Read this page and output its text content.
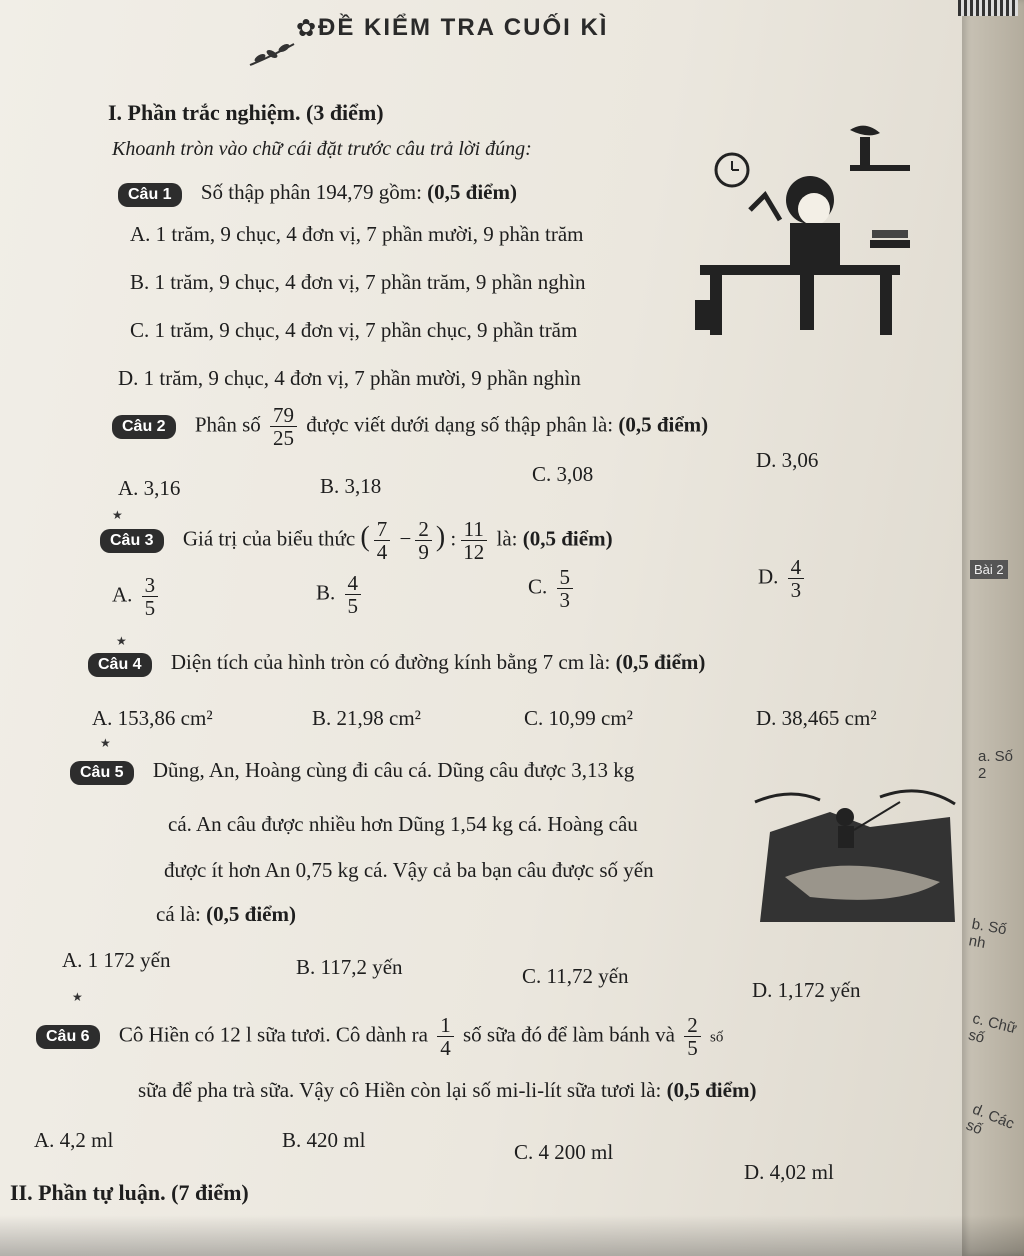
✿ ĐỀ KIỂM TRA CUỐI KÌ
I. Phần trắc nghiệm. (3 điểm)
Khoanh tròn vào chữ cái đặt trước câu trả lời đúng:
Câu 1 Số thập phân 194,79 gồm: (0,5 điểm)
A. 1 trăm, 9 chục, 4 đơn vị, 7 phần mười, 9 phần trăm
B. 1 trăm, 9 chục, 4 đơn vị, 7 phần trăm, 9 phần nghìn
C. 1 trăm, 9 chục, 4 đơn vị, 7 phần chục, 9 phần trăm
D. 1 trăm, 9 chục, 4 đơn vị, 7 phần mười, 9 phần nghìn
Câu 2 Phân số $\frac{79}{25}$ được viết dưới dạng số thập phân là: (0,5 điểm)
A. 3,16	B. 3,18	C. 3,08
D. 3,06
★
Câu 3 Giá trị của biểu thức ( $\frac{7}{4} - \frac{2}{9}$ ) : $\frac{11}{12}$ là: (0,5 điểm)
A. $\frac{3}{5}$	B. $\frac{4}{5}$	C. $\frac{5}{3}$	D. $\frac{4}{3}$
★
Câu 4 Diện tích của hình tròn có đường kính bằng 7 cm là: (0,5 điểm)
A. 153,86 cm²	B. 21,98 cm²	C. 10,99 cm²	D. 38,465 cm²
★
Câu 5 Dũng, An, Hoàng cùng đi câu cá. Dũng câu được 3,13 kg
cá. An câu được nhiều hơn Dũng 1,54 kg cá. Hoàng câu
được ít hơn An 0,75 kg cá. Vậy cả ba bạn câu được số yến
cá là: (0,5 điểm)
A. 1 172 yến	B. 117,2 yến	C. 11,72 yến
D. 1,172 yến
★
Câu 6 Cô Hiền có 12 l sữa tươi. Cô dành ra $\frac{1}{4}$ số sữa đó để làm bánh và $\frac{2}{5}$ số
sữa để pha trà sữa. Vậy cô Hiền còn lại số mi-li-lít sữa tươi là: (0,5 điểm)
A. 4,2 ml	B. 420 ml	C. 4 200 ml
D. 4,02 ml
II. Phần tự luận. (7 điểm)
Bài 2
a. Số 2
b. Số nh
c. Chữ số
d. Các số
